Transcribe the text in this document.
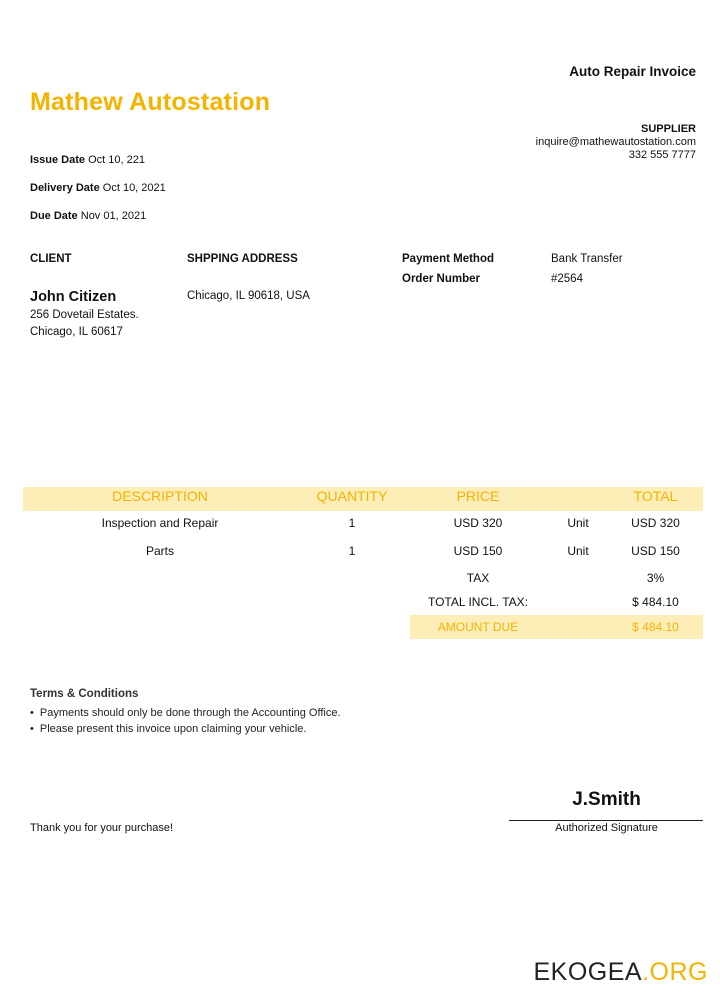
Auto Repair Invoice
Mathew Autostation
SUPPLIER
inquire@mathewautostation.com
332 555 7777
Issue Date Oct 10, 221
Delivery Date Oct 10, 2021
Due Date Nov 01, 2021
CLIENT	SHPPING ADDRESS	Payment Method	Bank Transfer
Order Number	#2564
John Citizen
256 Dovetail Estates.
Chicago, IL 60617
Chicago, IL 90618, USA
DESCRIPTION	QUANTITY	PRICE	TOTAL
Inspection and Repair	1	USD 320	Unit	USD 320
Parts	1	USD 150	Unit	USD 150
TAX	3%
TOTAL INCL. TAX:	$ 484.10
AMOUNT DUE	$ 484.10
Terms & Conditions
• Payments should only be done through the Accounting Office.
• Please present this invoice upon claiming your vehicle.
Thank you for your purchase!
J.Smith
Authorized Signature
EKOGEA.ORG
